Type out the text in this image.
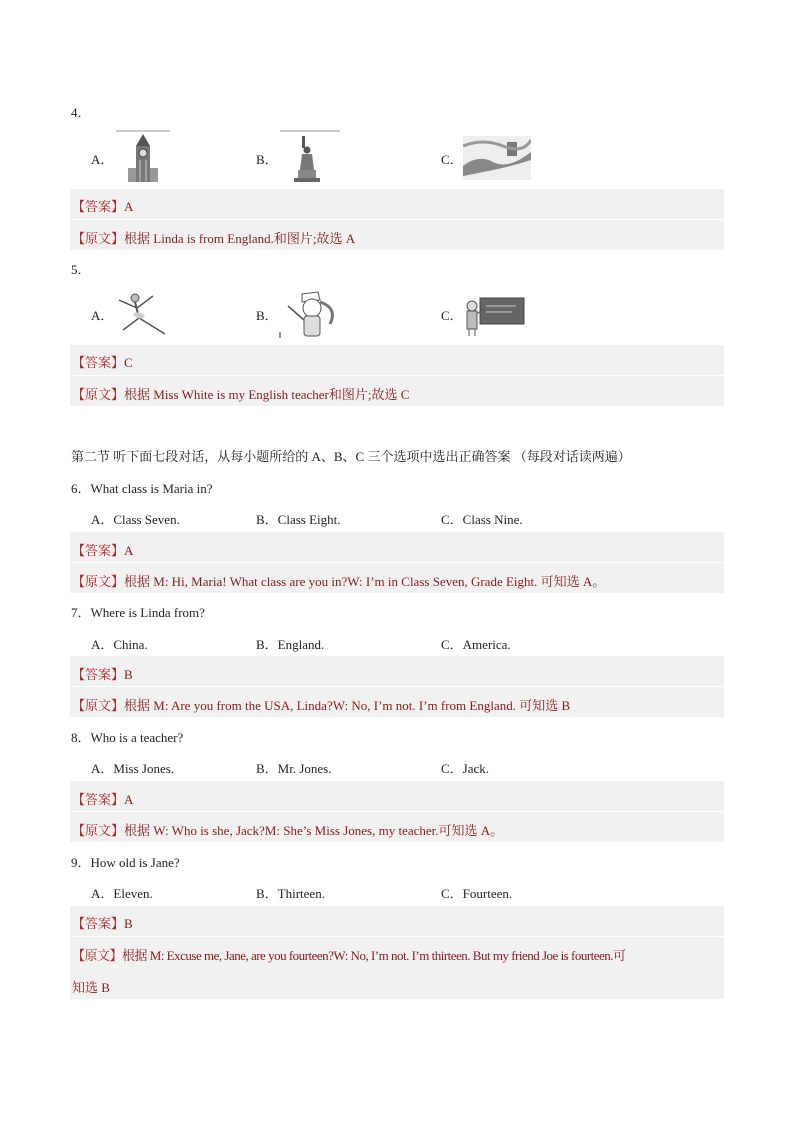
4．
A．	B．	C．
【答案】A
【原文】根据 Linda is from England.和图片;故选 A
5．
A．	B．	C．
【答案】C
【原文】根据 Miss White is my English teacher和图片;故选 C
第二节 听下面七段对话，从每小题所给的 A、B、C 三个选项中选出正确答案 （每段对话读两遍）
6．What class is Maria in?
A．Class Seven.	B．Class Eight.	C．Class Nine.
【答案】A
【原文】根据 M: Hi, Maria! What class are you in?W: I’m in Class Seven, Grade Eight. 可知选 A。
7．Where is Linda from?
A．China.	B．England.	C．America.
【答案】B
【原文】根据 M: Are you from the USA, Linda?W: No, I’m not. I’m from England. 可知选 B
8．Who is a teacher?
A．Miss Jones.	B．Mr. Jones.	C．Jack.
【答案】A
【原文】根据 W: Who is she, Jack?M: She’s Miss Jones, my teacher.可知选 A。
9．How old is Jane?
A．Eleven.	B．Thirteen.	C．Fourteen.
【答案】B
【原文】根据 M: Excuse me, Jane, are you fourteen?W: No, I’m not. I’m thirteen. But my friend Joe is fourteen.可
知选 B
